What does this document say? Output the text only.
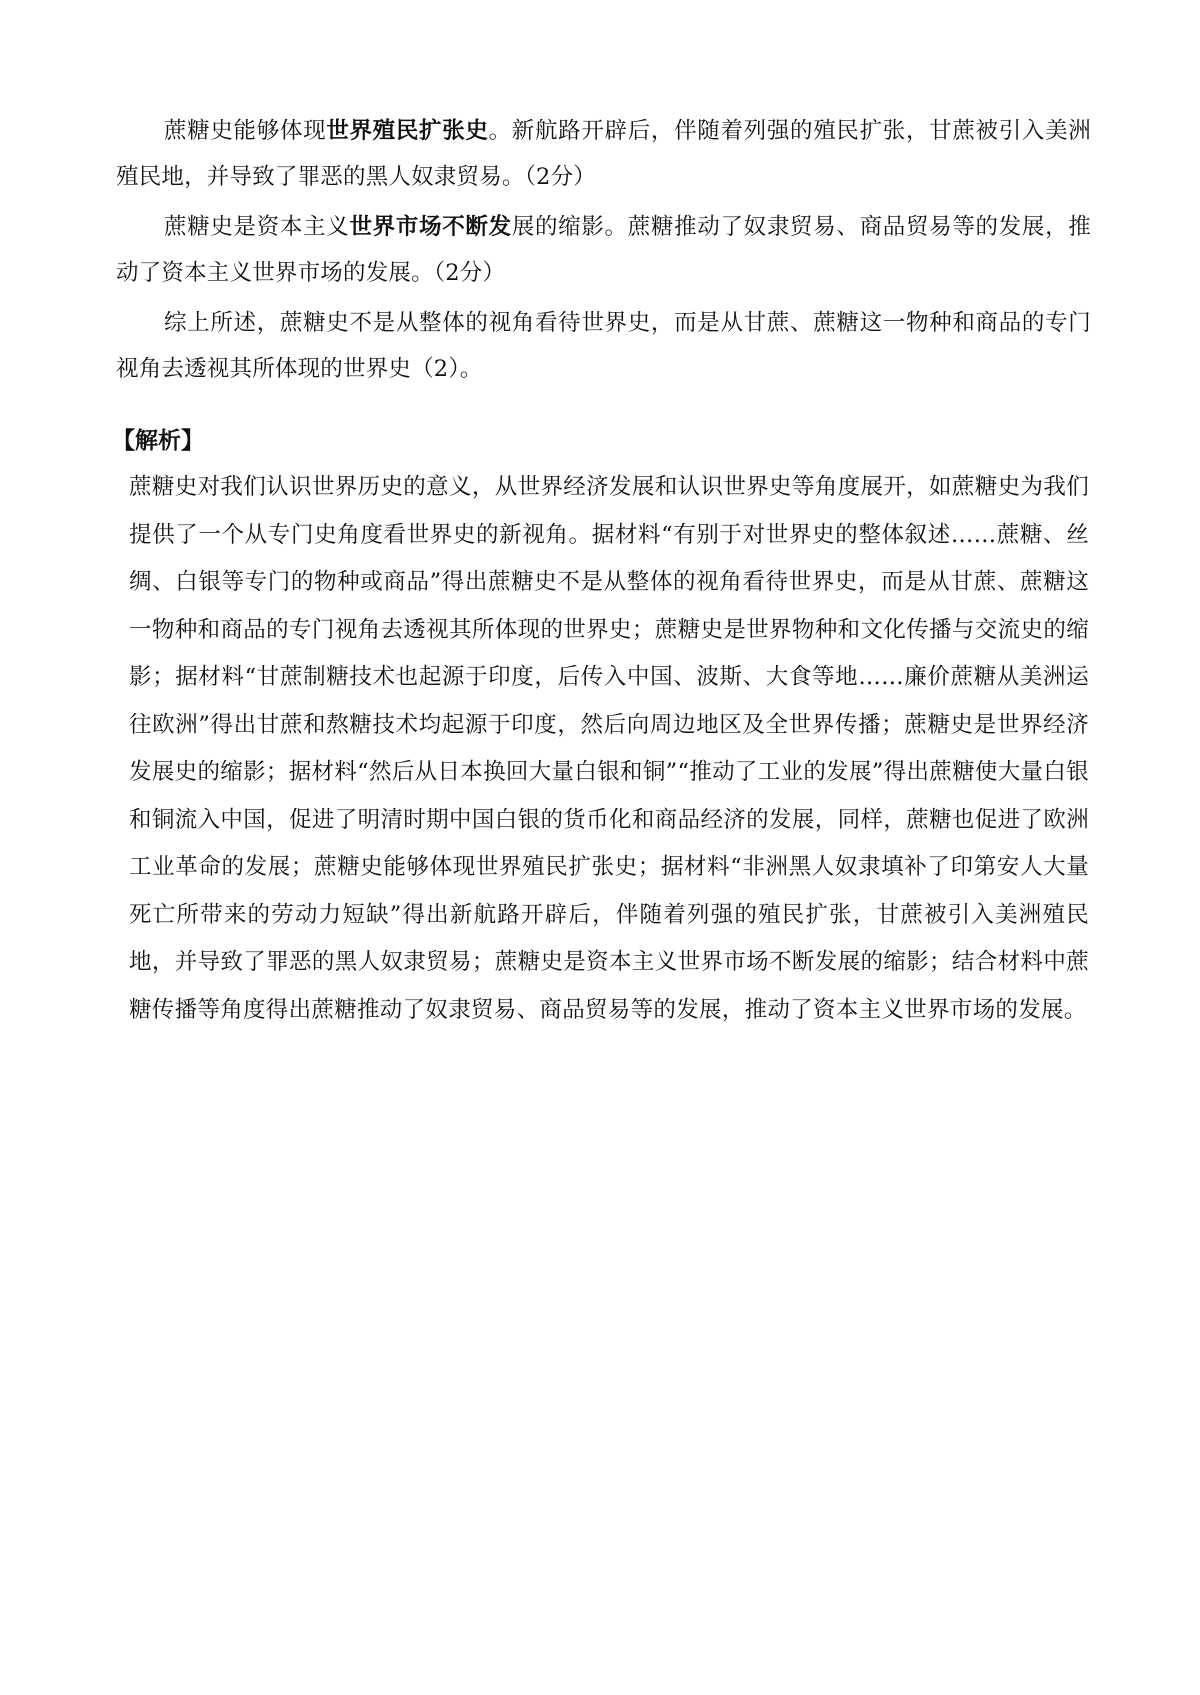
蔗糖史能够体现世界殖民扩张史。新航路开辟后，伴随着列强的殖民扩张，甘蔗被引入美洲殖民地，并导致了罪恶的黑人奴隶贸易。（2分）

蔗糖史是资本主义世界市场不断发展的缩影。蔗糖推动了奴隶贸易、商品贸易等的发展，推动了资本主义世界市场的发展。（2分）

综上所述，蔗糖史不是从整体的视角看待世界史，而是从甘蔗、蔗糖这一物种和商品的专门视角去透视其所体现的世界史（2）。

【解析】

蔗糖史对我们认识世界历史的意义，从世界经济发展和认识世界史等角度展开，如蔗糖史为我们提供了一个从专门史角度看世界史的新视角。据材料“有别于对世界史的整体叙述……蔗糖、丝绸、白银等专门的物种或商品”得出蔗糖史不是从整体的视角看待世界史，而是从甘蔗、蔗糖这一物种和商品的专门视角去透视其所体现的世界史；蔗糖史是世界物种和文化传播与交流史的缩影；据材料“甘蔗制糖技术也起源于印度，后传入中国、波斯、大食等地……廉价蔗糖从美洲运往欧洲”得出甘蔗和熬糖技术均起源于印度，然后向周边地区及全世界传播；蔗糖史是世界经济发展史的缩影；据材料“然后从日本换回大量白银和铜”“推动了工业的发展”得出蔗糖使大量白银和铜流入中国，促进了明清时期中国白银的货币化和商品经济的发展，同样，蔗糖也促进了欧洲工业革命的发展；蔗糖史能够体现世界殖民扩张史；据材料“非洲黑人奴隶填补了印第安人大量死亡所带来的劳动力短缺”得出新航路开辟后，伴随着列强的殖民扩张，甘蔗被引入美洲殖民地，并导致了罪恶的黑人奴隶贸易；蔗糖史是资本主义世界市场不断发展的缩影；结合材料中蔗糖传播等角度得出蔗糖推动了奴隶贸易、商品贸易等的发展，推动了资本主义世界市场的发展。
